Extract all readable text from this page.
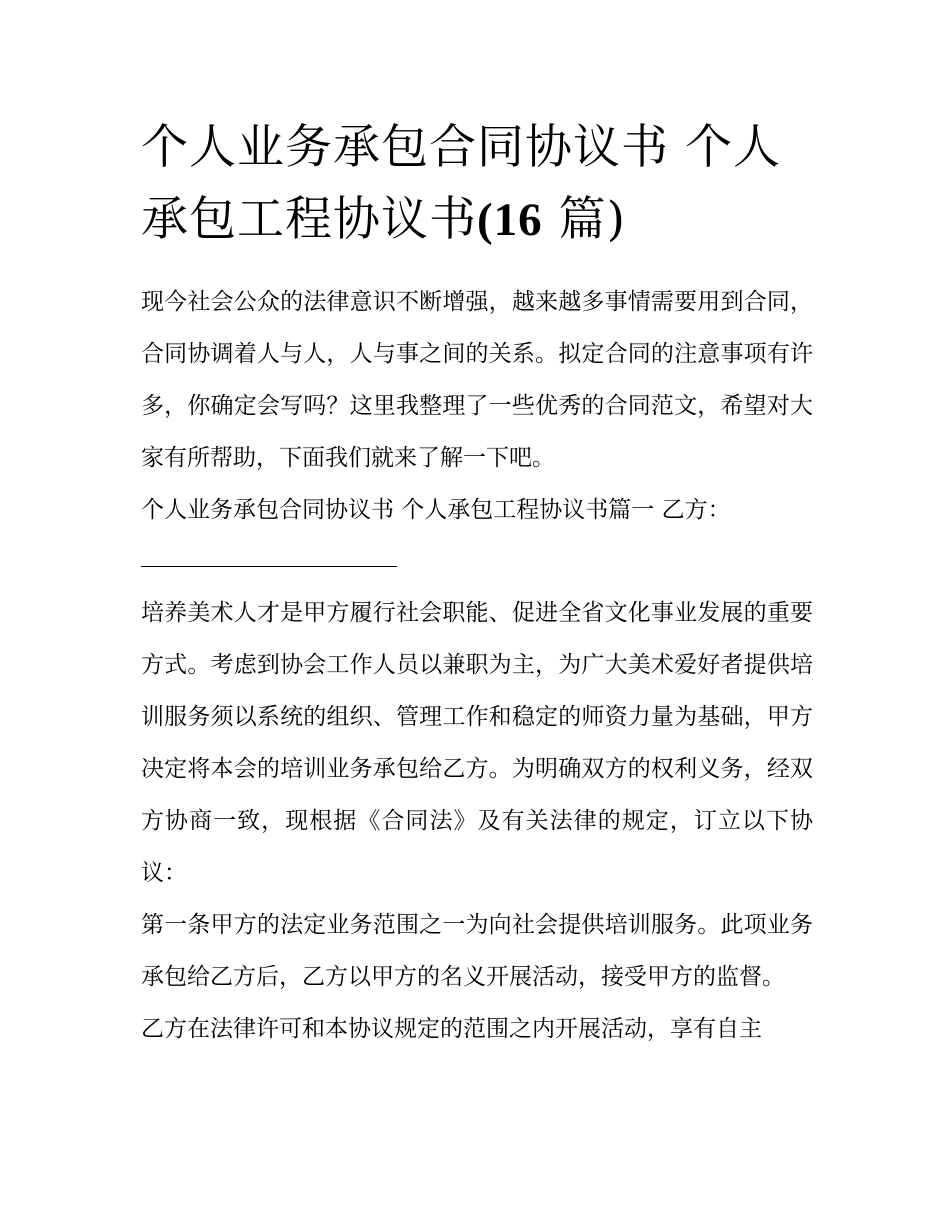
个人业务承包合同协议书 个人承包工程协议书(16 篇)

现今社会公众的法律意识不断增强，越来越多事情需要用到合同，合同协调着人与人，人与事之间的关系。拟定合同的注意事项有许多，你确定会写吗？这里我整理了一些优秀的合同范文，希望对大家有所帮助，下面我们就来了解一下吧。

个人业务承包合同协议书 个人承包工程协议书篇一 乙方：

培养美术人才是甲方履行社会职能、促进全省文化事业发展的重要方式。考虑到协会工作人员以兼职为主，为广大美术爱好者提供培训服务须以系统的组织、管理工作和稳定的师资力量为基础，甲方决定将本会的培训业务承包给乙方。为明确双方的权利义务，经双方协商一致，现根据《合同法》及有关法律的规定，订立以下协议：

第一条甲方的法定业务范围之一为向社会提供培训服务。此项业务承包给乙方后，乙方以甲方的名义开展活动，接受甲方的监督。

乙方在法律许可和本协议规定的范围之内开展活动，享有自主
